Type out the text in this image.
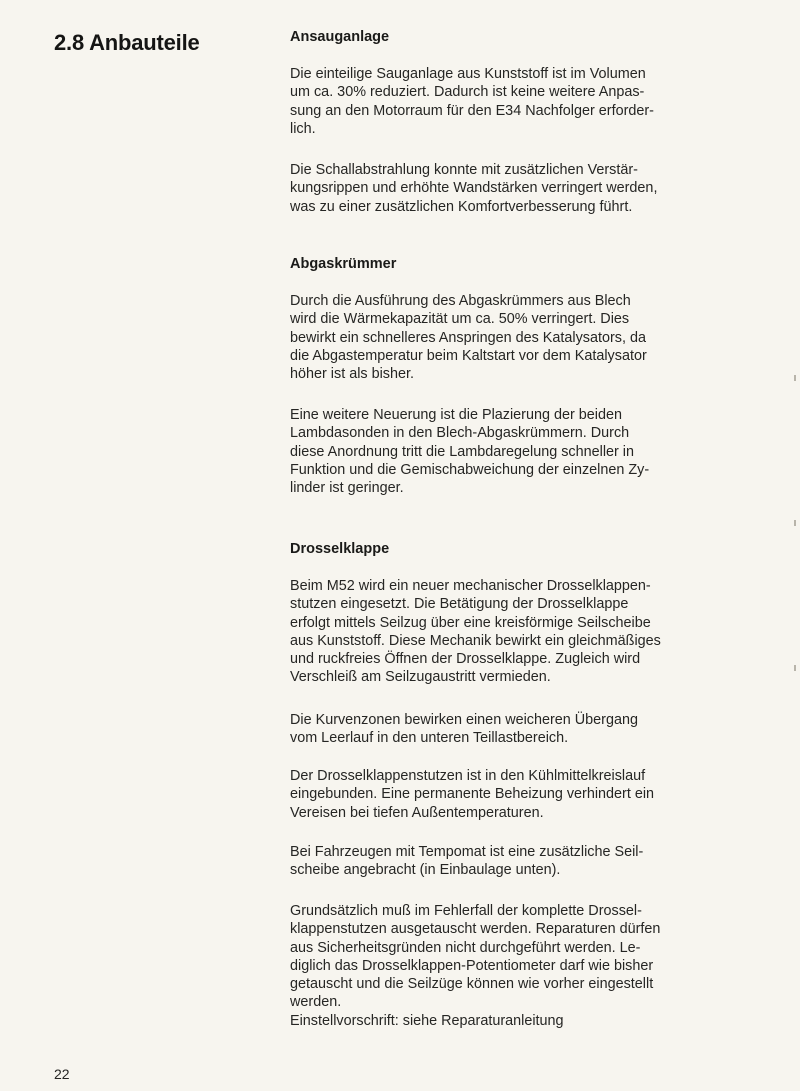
2.8 Anbauteile	Ansauganlage

Die einteilige Sauganlage aus Kunststoff ist im Volumen
um ca. 30% reduziert. Dadurch ist keine weitere Anpas-
sung an den Motorraum für den E34 Nachfolger erforder-
lich.

Die Schallabstrahlung konnte mit zusätzlichen Verstär-
kungsrippen und erhöhte Wandstärken verringert werden,
was zu einer zusätzlichen Komfortverbesserung führt.

Abgaskrümmer

Durch die Ausführung des Abgaskrümmers aus Blech
wird die Wärmekapazität um ca. 50% verringert. Dies
bewirkt ein schnelleres Anspringen des Katalysators, da
die Abgastemperatur beim Kaltstart vor dem Katalysator
höher ist als bisher.

Eine weitere Neuerung ist die Plazierung der beiden
Lambdasonden in den Blech-Abgaskrümmern. Durch
diese Anordnung tritt die Lambdaregelung schneller in
Funktion und die Gemischabweichung der einzelnen Zy-
linder ist geringer.

Drosselklappe

Beim M52 wird ein neuer mechanischer Drosselklappen-
stutzen eingesetzt. Die Betätigung der Drosselklappe
erfolgt mittels Seilzug über eine kreisförmige Seilscheibe
aus Kunststoff. Diese Mechanik bewirkt ein gleichmäßiges
und ruckfreies Öffnen der Drosselklappe. Zugleich wird
Verschleiß am Seilzugaustritt vermieden.

Die Kurvenzonen bewirken einen weicheren Übergang
vom Leerlauf in den unteren Teillastbereich.

Der Drosselklappenstutzen ist in den Kühlmittelkreislauf
eingebunden. Eine permanente Beheizung verhindert ein
Vereisen bei tiefen Außentemperaturen.

Bei Fahrzeugen mit Tempomat ist eine zusätzliche Seil-
scheibe angebracht (in Einbaulage unten).

Grundsätzlich muß im Fehlerfall der komplette Drossel-
klappenstutzen ausgetauscht werden. Reparaturen dürfen
aus Sicherheitsgründen nicht durchgeführt werden. Le-
diglich das Drosselklappen-Potentiometer darf wie bisher
getauscht und die Seilzüge können wie vorher eingestellt
werden.
Einstellvorschrift: siehe Reparaturanleitung

22
